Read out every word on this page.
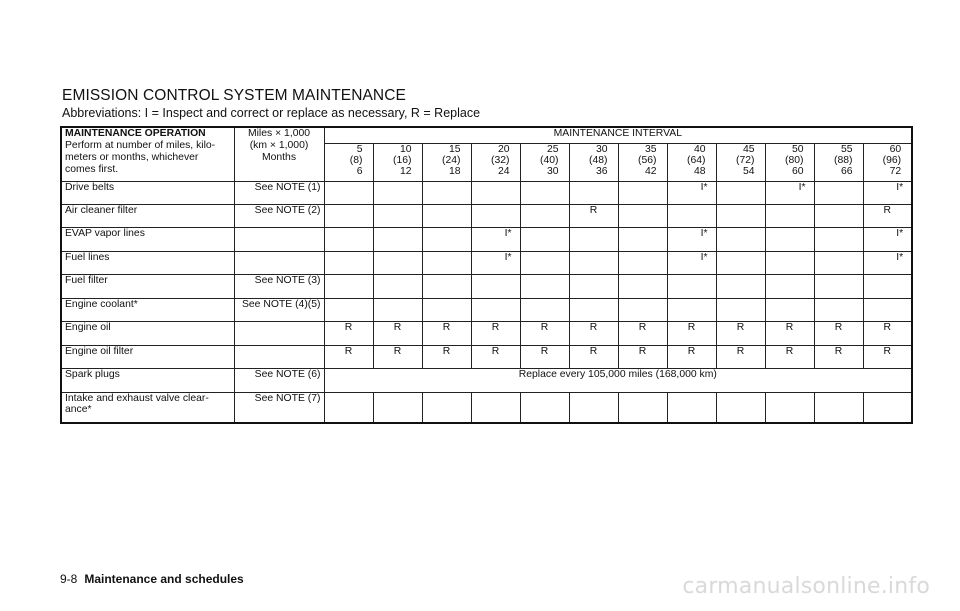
EMISSION CONTROL SYSTEM MAINTENANCE
Abbreviations: I = Inspect and correct or replace as necessary, R = Replace
MAINTENANCE OPERATION
Perform at number of miles, kilo-
meters or months, whichever
comes first.	Miles × 1,000
(km × 1,000)
Months	MAINTENANCE INTERVAL											

		5
(8)
6	10
(16)
12	15
(24)
18	20
(32)
24	25
(40)
30	30
(48)
36	35
(56)
42	40
(64)
48	45
(72)
54	50
(80)
60	55
(88)
66	60
(96)
72

Drive belts	See NOTE (1)								I*		I*		I*
Air cleaner filter	See NOTE (2)						R						R
EVAP vapor lines					I*				I*				I*
Fuel lines					I*				I*				I*
Fuel filter	See NOTE (3)												
Engine coolant*	See NOTE (4)(5)												
Engine oil		R	R	R	R	R	R	R	R	R	R	R	R
Engine oil filter		R	R	R	R	R	R	R	R	R	R	R	R
Spark plugs	See NOTE (6)	Replace every 105,000 miles (168,000 km)											
Intake and exhaust valve clear-
ance*	See NOTE (7)												
9-8 Maintenance and schedules	carmanualsonline.info
